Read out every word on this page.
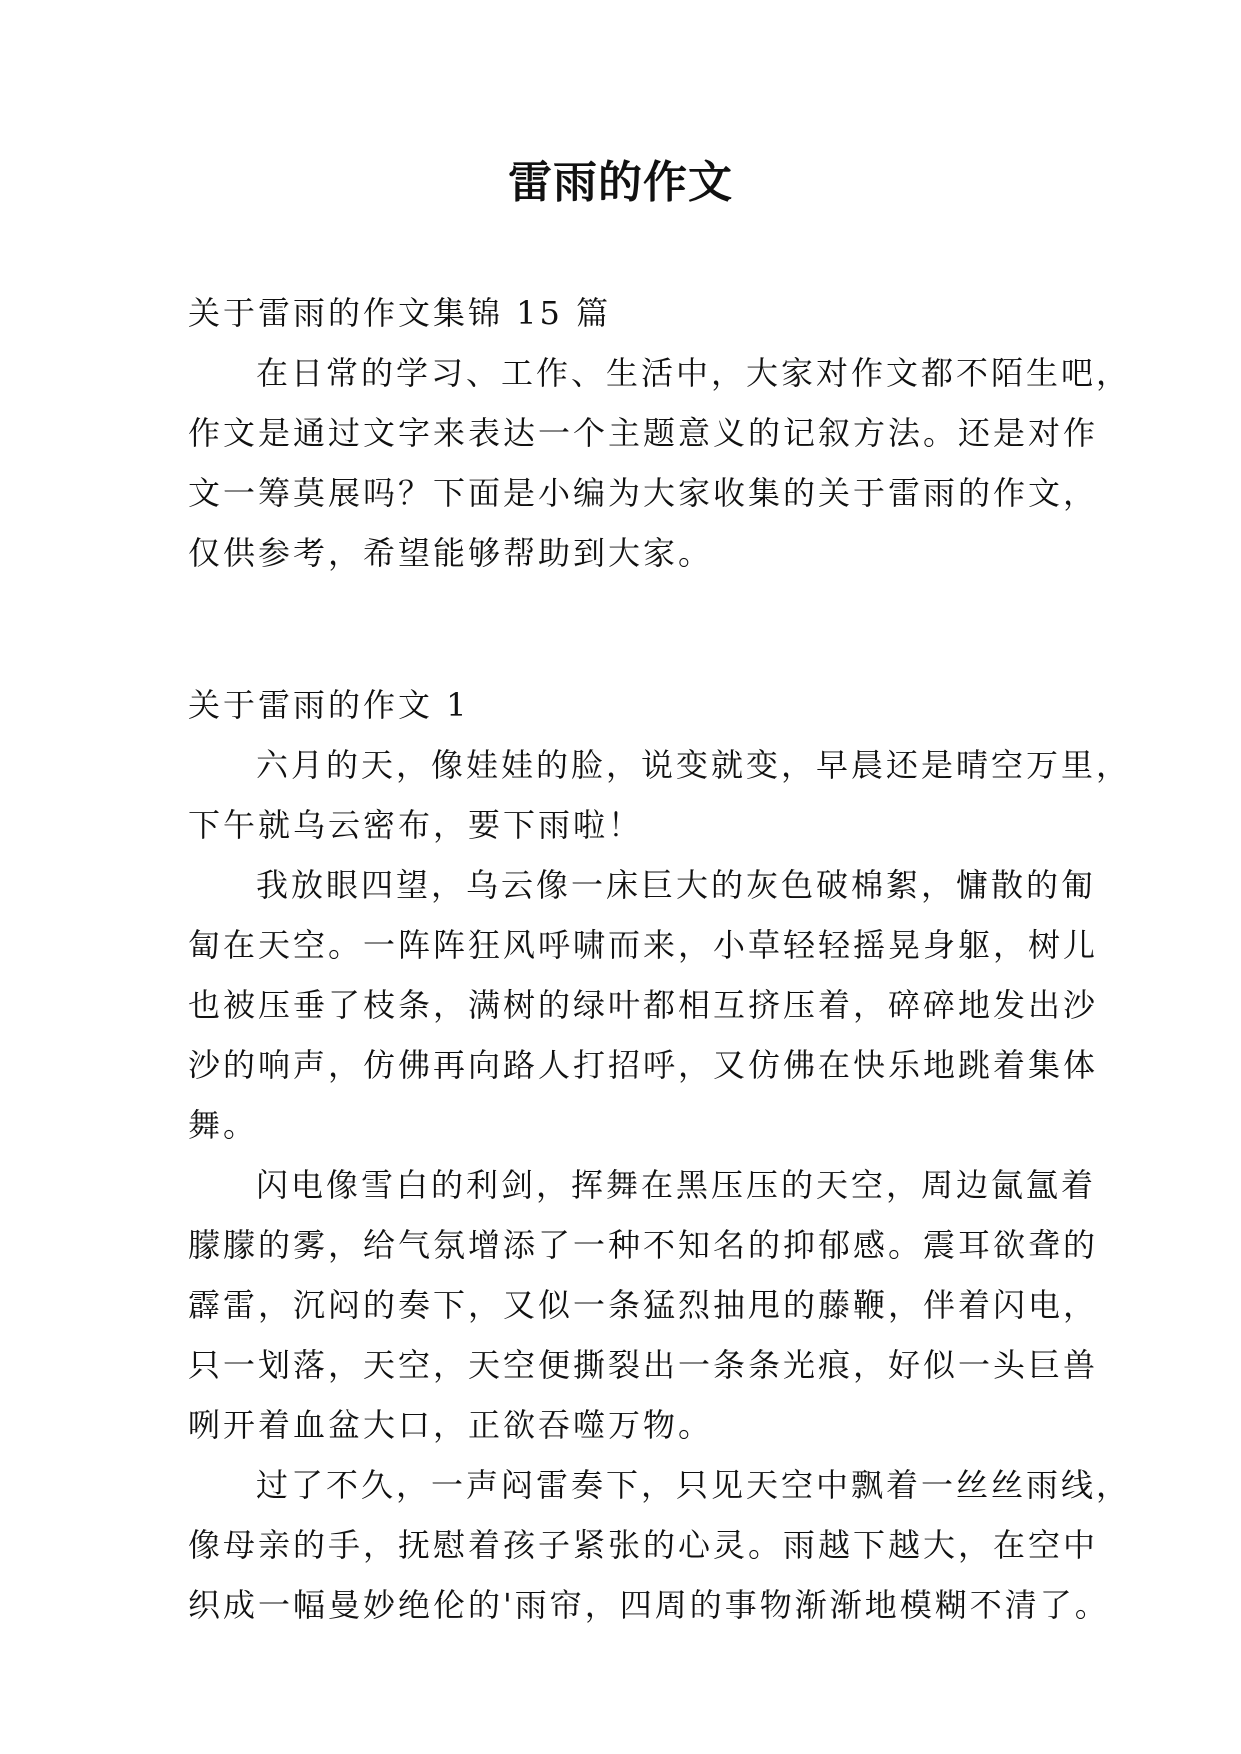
雷雨的作文

关于雷雨的作文集锦 15 篇

在日常的学习、工作、生活中，大家对作文都不陌生吧，

作文是通过文字来表达一个主题意义的记叙方法。还是对作

文一筹莫展吗？下面是小编为大家收集的关于雷雨的作文，

仅供参考，希望能够帮助到大家。

关于雷雨的作文 1

六月的天，像娃娃的脸，说变就变，早晨还是晴空万里，

下午就乌云密布，要下雨啦！

我放眼四望，乌云像一床巨大的灰色破棉絮，慵散的匍

匐在天空。一阵阵狂风呼啸而来，小草轻轻摇晃身躯，树儿

也被压垂了枝条，满树的绿叶都相互挤压着，碎碎地发出沙

沙的响声，仿佛再向路人打招呼，又仿佛在快乐地跳着集体

舞。

闪电像雪白的利剑，挥舞在黑压压的天空，周边氤氲着

朦朦的雾，给气氛增添了一种不知名的抑郁感。震耳欲聋的

霹雷，沉闷的奏下，又似一条猛烈抽甩的藤鞭，伴着闪电，

只一划落，天空，天空便撕裂出一条条光痕，好似一头巨兽

咧开着血盆大口，正欲吞噬万物。

过了不久，一声闷雷奏下，只见天空中飘着一丝丝雨线，

像母亲的手，抚慰着孩子紧张的心灵。雨越下越大，在空中

织成一幅曼妙绝伦的'雨帘，四周的事物渐渐地模糊不清了。
